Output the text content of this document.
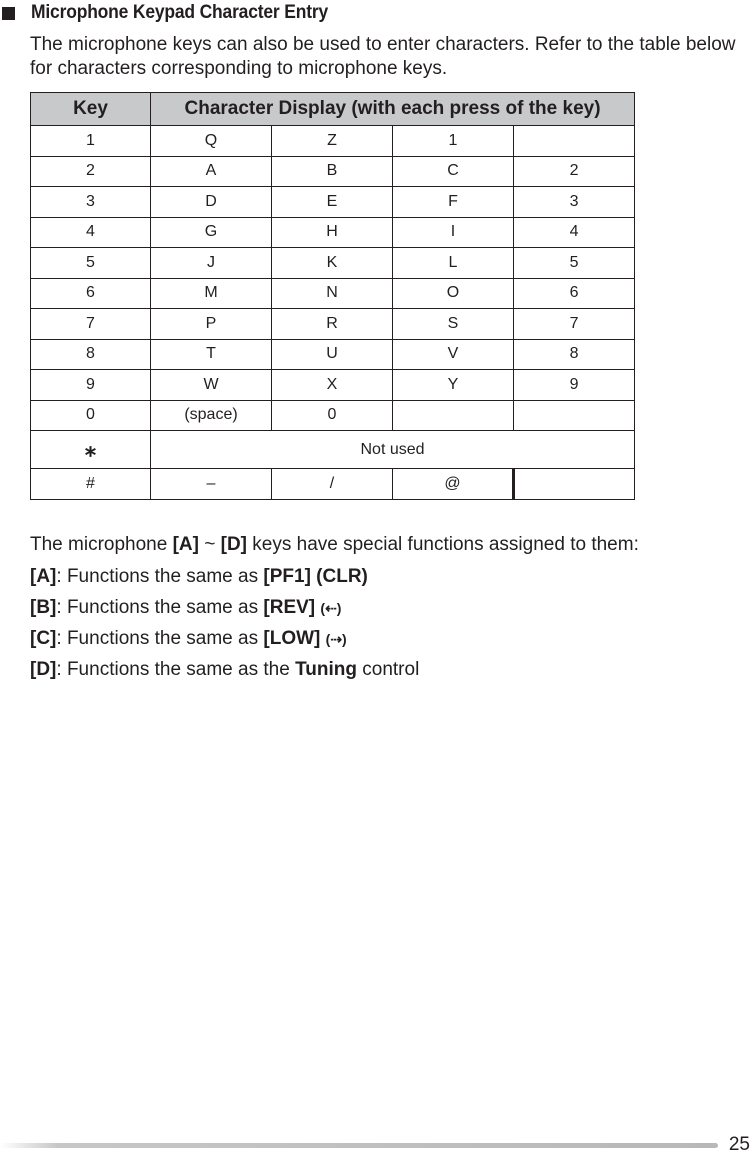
Microphone Keypad Character Entry

The microphone keys can also be used to enter characters. Refer to the table below for characters corresponding to microphone keys.

Key	Character Display (with each press of the key)			
1	Q	Z	1	
2	A	B	C	2
3	D	E	F	3
4	G	H	I	4
5	J	K	L	5
6	M	N	O	6
7	P	R	S	7
8	T	U	V	8
9	W	X	Y	9
0	(space)	0		
⁎	Not used			
#	–	/	@	

The microphone [A] ~ [D] keys have special functions assigned to them:

[A]: Functions the same as [PF1] (CLR)

[B]: Functions the same as [REV] (⇠)

[C]: Functions the same as [LOW] (⇢)

[D]: Functions the same as the Tuning control

25
